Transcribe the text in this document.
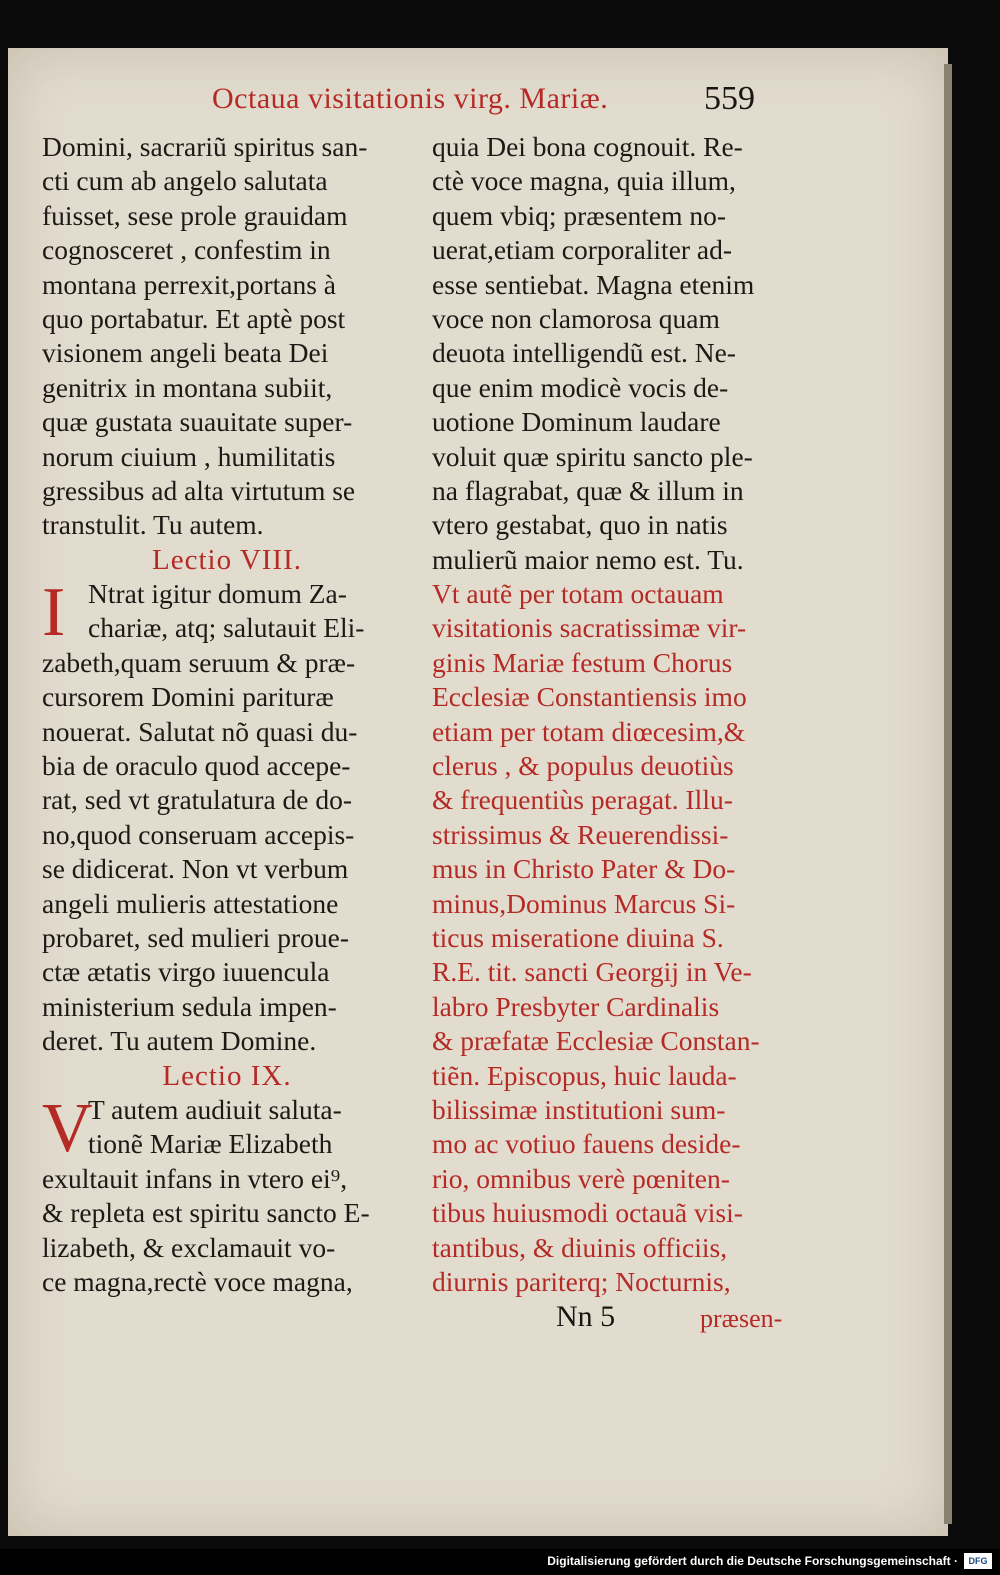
Octaua visitationis virg. Mariæ.	559
Domini, sacrariũ spiritus san-
cti cum ab angelo salutata
fuisset, sese prole grauidam
cognosceret , confestim in
montana perrexit,portans à
quo portabatur. Et aptè post
visionem angeli beata Dei
genitrix in montana subiit,
quæ gustata suauitate super-
norum ciuium , humilitatis
gressibus ad alta virtutum se
transtulit. Tu autem.
Lectio VIII.
I Ntrat igitur domum Za-
chariæ, atq; salutauit Eli-
zabeth,quam seruum & præ-
cursorem Domini parituræ
nouerat. Salutat nõ quasi du-
bia de oraculo quod accepe-
rat, sed vt gratulatura de do-
no,quod conseruam accepis-
se didicerat. Non vt verbum
angeli mulieris attestatione
probaret, sed mulieri proue-
ctæ ætatis virgo iuuencula
ministerium sedula impen-
deret. Tu autem Domine.
Lectio IX.
V
T autem audiuit saluta-
tionẽ Mariæ Elizabeth
exultauit infans in vtero ei⁹,
& repleta est spiritu sancto E-
lizabeth, & exclamauit vo-
ce magna,rectè voce magna,
quia Dei bona cognouit. Re-
ctè voce magna, quia illum,
quem vbiq; præsentem no-
uerat,etiam corporaliter ad-
esse sentiebat. Magna etenim
voce non clamorosa quam
deuota intelligendũ est. Ne-
que enim modicè vocis de-
uotione Dominum laudare
voluit quæ spiritu sancto ple-
na flagrabat, quæ & illum in
vtero gestabat, quo in natis
mulierũ maior nemo est. Tu.
Vt autẽ per totam octauam
visitationis sacratissimæ vir-
ginis Mariæ festum Chorus
Ecclesiæ Constantiensis imo
etiam per totam diœcesim,&
clerus , & populus deuotiùs
& frequentiùs peragat. Illu-
strissimus & Reuerendissi-
mus in Christo Pater & Do-
minus,Dominus Marcus Si-
ticus miseratione diuina S.
R.E. tit. sancti Georgij in Ve-
labro Presbyter Cardinalis
& præfatæ Ecclesiæ Constan-
tiẽn. Episcopus, huic lauda-
bilissimæ institutioni sum-
mo ac votiuo fauens deside-
rio, omnibus verè pœniten-
tibus huiusmodi octauã visi-
tantibus, & diuinis officiis,
diurnis pariterq; Nocturnis,
Nn 5	præsen-
Digitalisierung gefördert durch die Deutsche Forschungsgemeinschaft ·	DFG
